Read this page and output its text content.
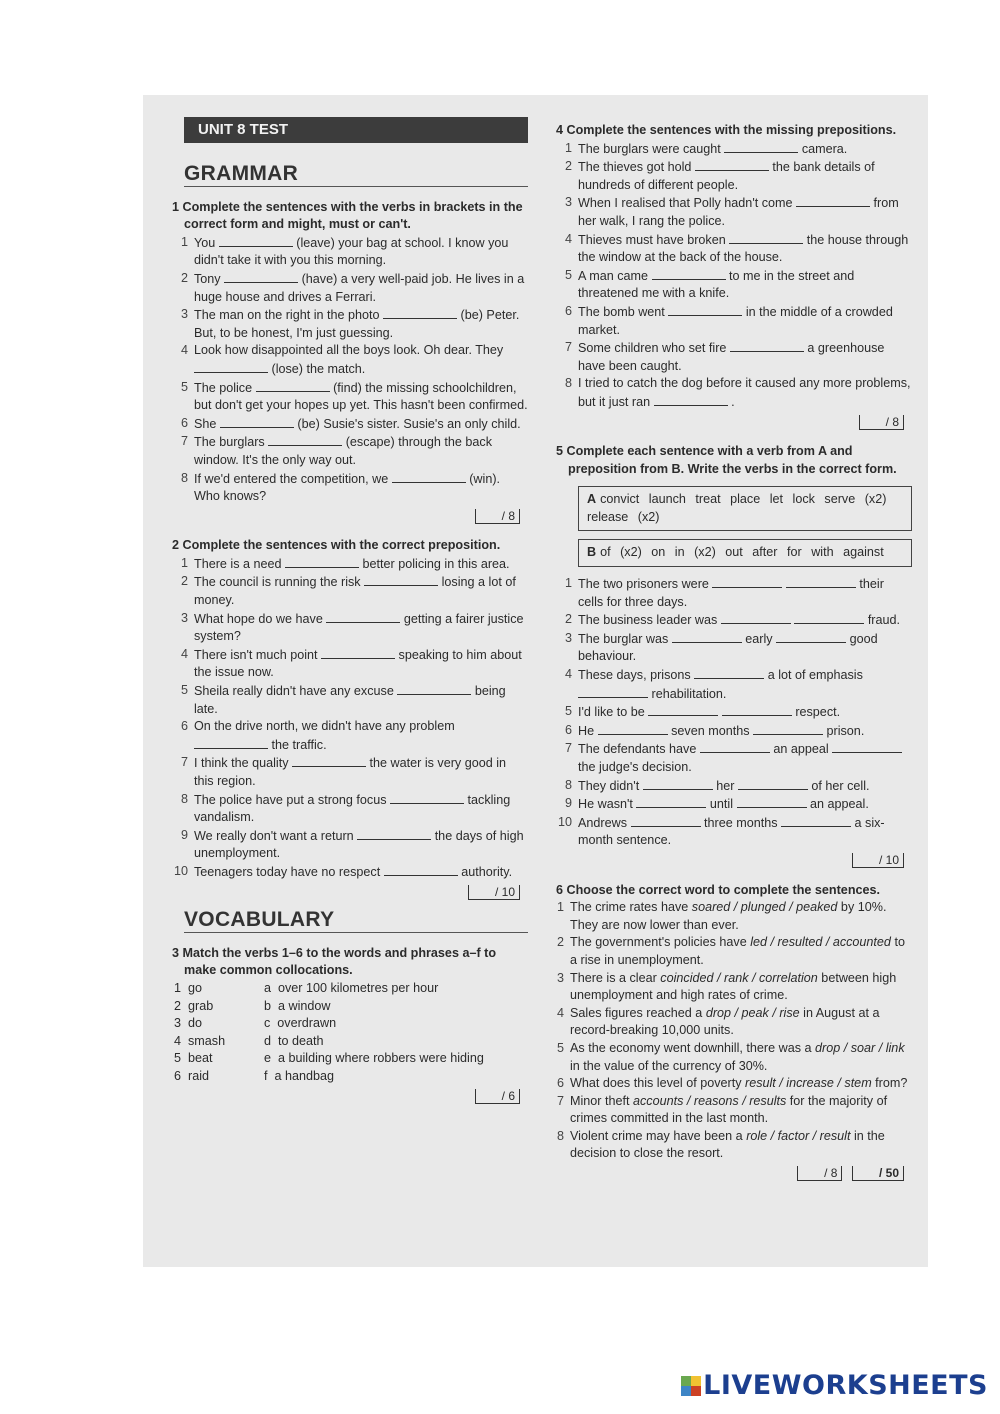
UNIT 8 TEST
GRAMMAR
1 Complete the sentences with the verbs in brackets in the correct form and might, must or can't.
1 You	(leave) your bag at school. I know you didn't take it with you this morning.
2 Tony	(have) a very well-paid job. He lives in a huge house and drives a Ferrari.
3 The man on the right in the photo	(be) Peter. But, to be honest, I'm just guessing.
4 Look how disappointed all the boys look. Oh dear. They  (lose) the match.
5 The police	(find) the missing schoolchildren, but don't get your hopes up yet. This hasn't been confirmed.
6 She	(be) Susie's sister. Susie's an only child.
7 The burglars	(escape) through the back window. It's the only way out.
8 If we'd entered the competition, we	(win). Who knows?
/ 8
2 Complete the sentences with the correct preposition.
1 There is a need	better policing in this area.
2 The council is running the risk	losing a lot of money.
3 What hope do we have	getting a fairer justice system?
4 There isn't much point	speaking to him about the issue now.
5 Sheila really didn't have any excuse	being late.
6 On the drive north, we didn't have any problem  the traffic.
7 I think the quality	the water is very good in this region.
8 The police have put a strong focus	tackling vandalism.
9 We really don't want a return	the days of high unemployment.
10 Teenagers today have no respect	authority.
/ 10
VOCABULARY
3 Match the verbs 1–6 to the words and phrases a–f to make common collocations.
1  go	a  over 100 kilometres per hour
2  grab	b  a window
3  do	c  overdrawn
4  smash	d  to death
5  beat	e  a building where robbers were hiding
6  raid	f  a handbag
/ 6
4 Complete the sentences with the missing prepositions.
1 The burglars were caught	camera.
2 The thieves got hold	the bank details of hundreds of different people.
3 When I realised that Polly hadn't come	from her walk, I rang the police.
4 Thieves must have broken	the house through the window at the back of the house.
5 A man came	to me in the street and threatened me with a knife.
6 The bomb went	in the middle of a crowded market.
7 Some children who set fire	a greenhouse have been caught.
8 I tried to catch the dog before it caused any more problems, but it just ran	.
/ 8
5 Complete each sentence with a verb from A and preposition from B. Write the verbs in the correct form.
A convict launch treat place let lock serve (x2) release (x2)
B of (x2) on in (x2) out after for with against
1 The two prisoners were	their cells for three days.
2 The business leader was	fraud.
3 The burglar was	early	good behaviour.
4 These days, prisons	a lot of emphasis  rehabilitation.
5 I'd like to be	respect.
6 He	seven months	prison.
7 The defendants have	an appeal  the judge's decision.
8 They didn't	her	of her cell.
9 He wasn't	until	an appeal.
10 Andrews	three months	a six-month sentence.
/ 10
6 Choose the correct word to complete the sentences.
1 The crime rates have soared / plunged / peaked by 10%. They are now lower than ever.
2 The government's policies have led / resulted / accounted to a rise in unemployment.
3 There is a clear coincided / rank / correlation between high unemployment and high rates of crime.
4 Sales figures reached a drop / peak / rise in August at a record-breaking 10,000 units.
5 As the economy went downhill, there was a drop / soar / link in the value of the currency of 30%.
6 What does this level of poverty result / increase / stem from?
7 Minor theft accounts / reasons / results for the majority of crimes committed in the last month.
8 Violent crime may have been a role / factor / result in the decision to close the resort.
/ 8	/ 50
LIVEWORKSHEETS
